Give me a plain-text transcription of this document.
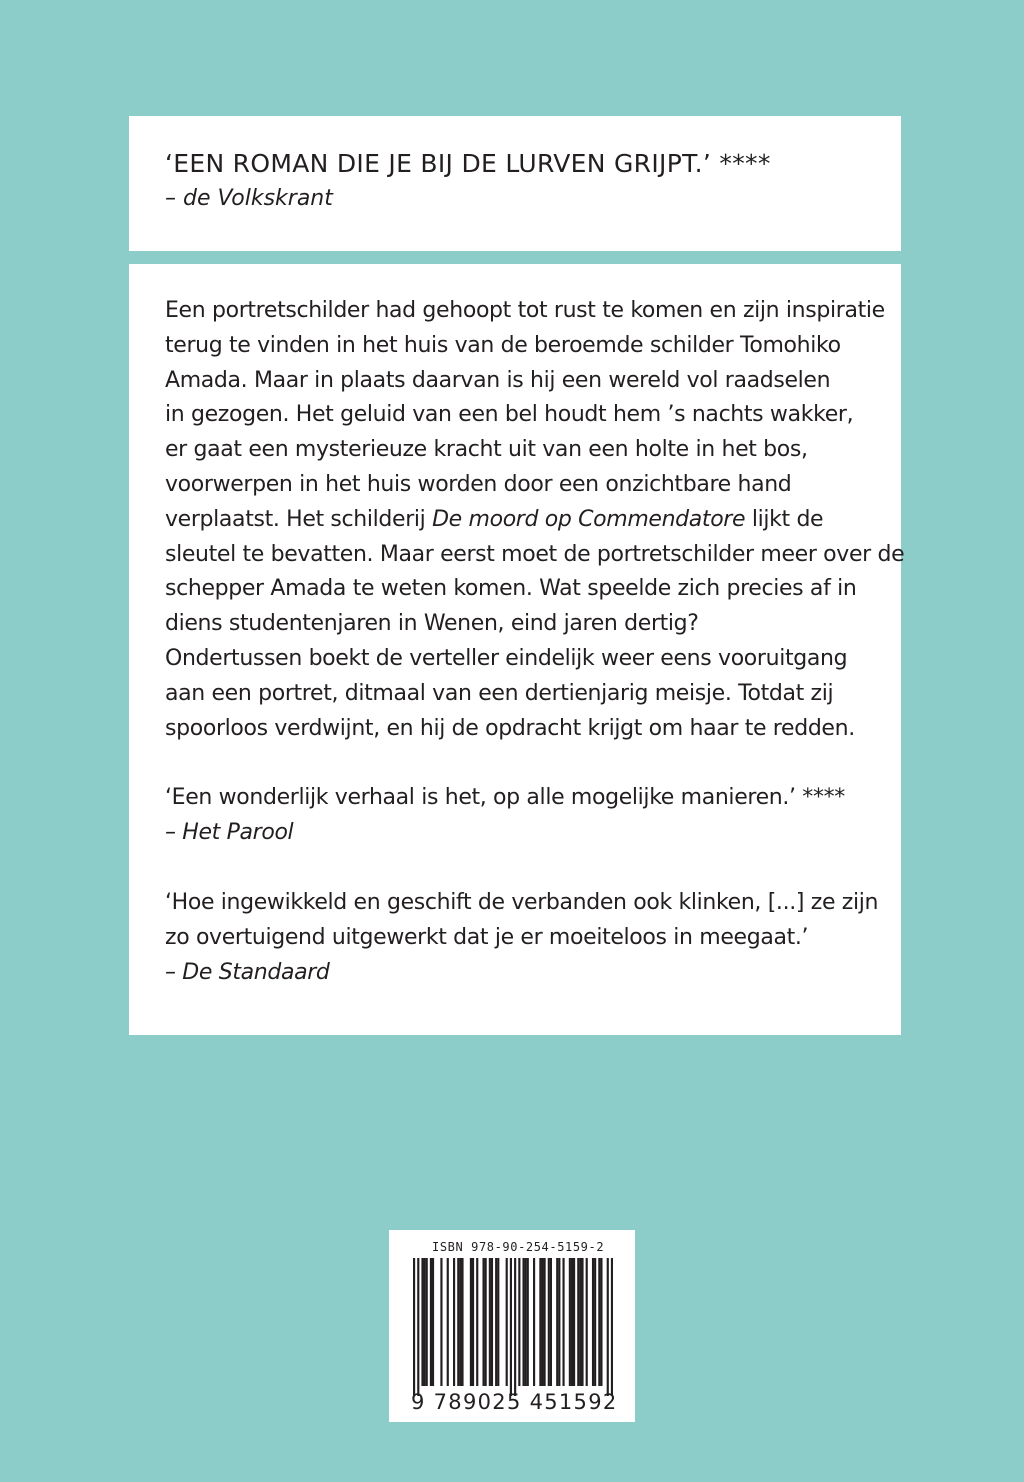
‘EEN ROMAN DIE JE BIJ DE LURVEN GRIJPT.’ ****
– de Volkskrant
Een portretschilder had gehoopt tot rust te komen en zijn inspiratie
terug te vinden in het huis van de beroemde schilder Tomohiko
Amada. Maar in plaats daarvan is hij een wereld vol raadselen
in gezogen. Het geluid van een bel houdt hem ’s nachts wakker,
er gaat een mysterieuze kracht uit van een holte in het bos,
voorwerpen in het huis worden door een onzichtbare hand
verplaatst. Het schilderij De moord op Commendatore lijkt de
sleutel te bevatten. Maar eerst moet de portretschilder meer over de
schepper Amada te weten komen. Wat speelde zich precies af in
diens studentenjaren in Wenen, eind jaren dertig?
Ondertussen boekt de verteller eindelijk weer eens vooruitgang
aan een portret, ditmaal van een dertienjarig meisje. Totdat zij
spoorloos verdwijnt, en hij de opdracht krijgt om haar te redden.
‘Een wonderlijk verhaal is het, op alle mogelijke manieren.’ ****
– Het Parool
‘Hoe ingewikkeld en geschift de verbanden ook klinken, [...] ze zijn
zo overtuigend uitgewerkt dat je er moeiteloos in meegaat.’
– De Standaard
ISBN 978-90-254-5159-2
9 789025 451592
